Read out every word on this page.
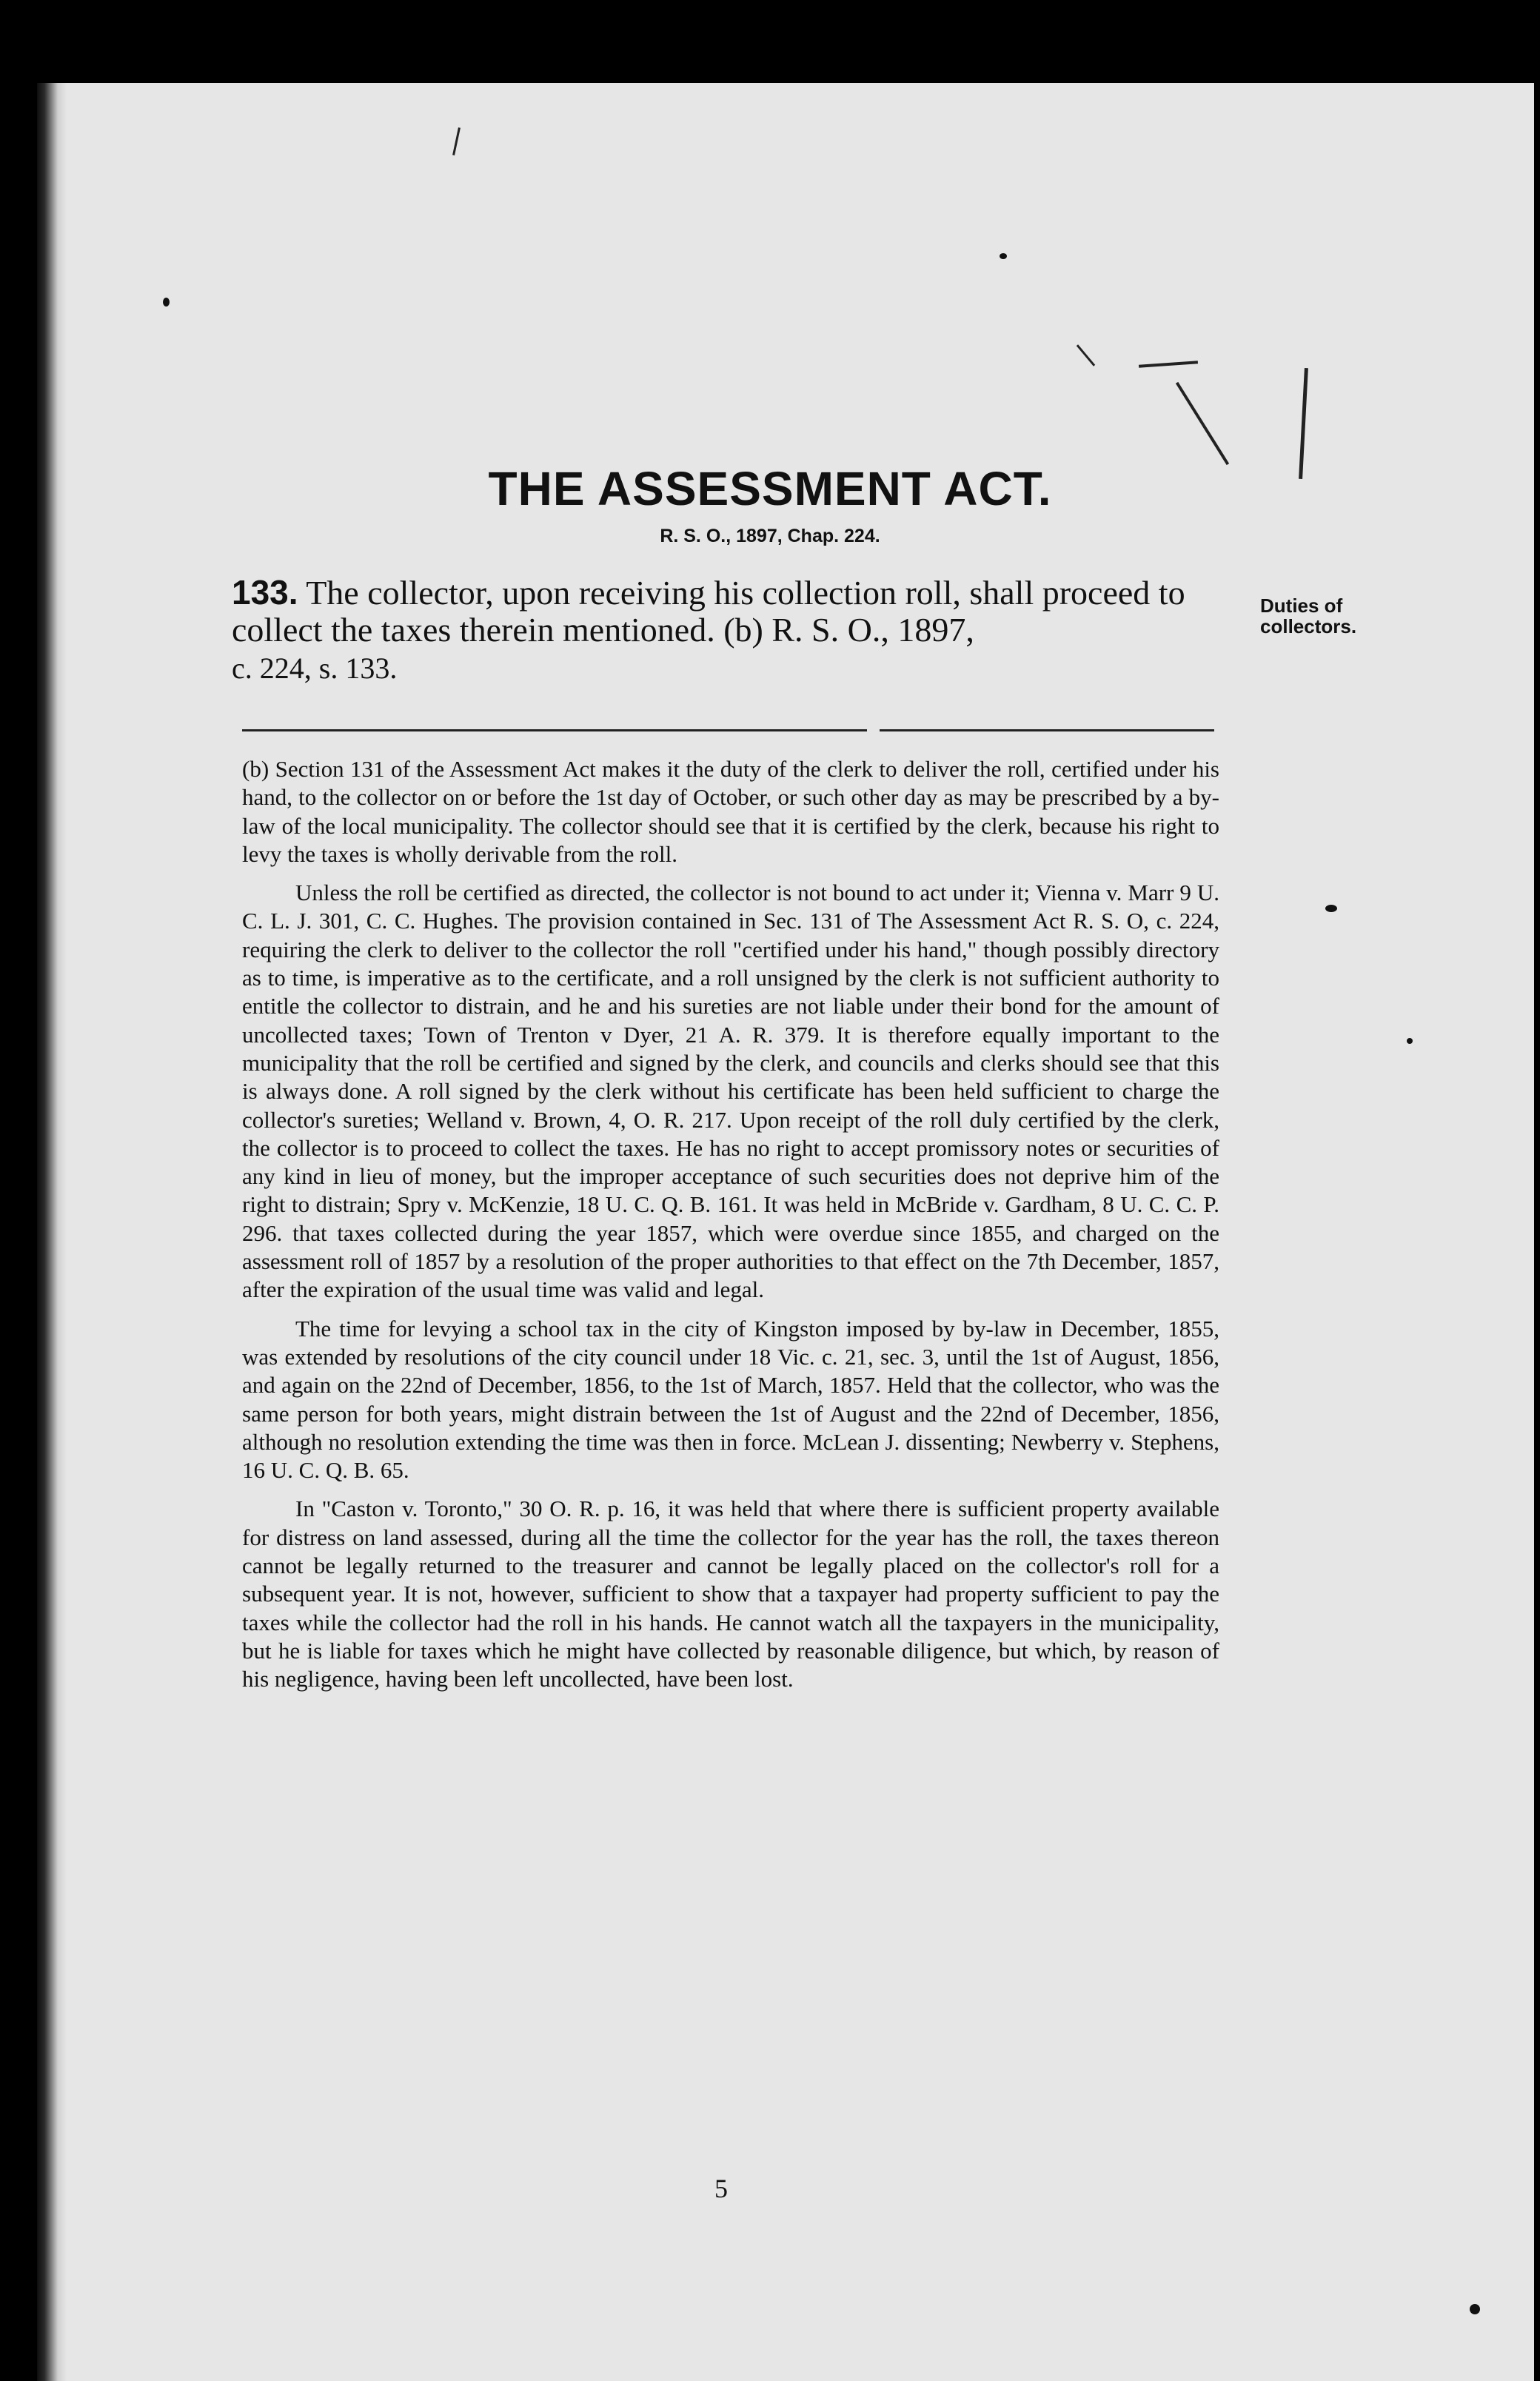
THE ASSESSMENT ACT.
R. S. O., 1897, Chap. 224.
133. The collector, upon receiving his collection roll, shall proceed to collect the taxes therein mentioned. (b) R. S. O., 1897,
c. 224, s. 133.
Duties of collectors.

(b) Section 131 of the Assessment Act makes it the duty of the clerk to deliver the roll, certified under his hand, to the collector on or before the 1st day of October, or such other day as may be prescribed by a by-law of the local municipality. The collector should see that it is certified by the clerk, because his right to levy the taxes is wholly derivable from the roll.

Unless the roll be certified as directed, the collector is not bound to act under it; Vienna v. Marr 9 U. C. L. J. 301, C. C. Hughes. The provision contained in Sec. 131 of The Assessment Act R. S. O, c. 224, requiring the clerk to deliver to the collector the roll "certified under his hand," though possibly directory as to time, is imperative as to the certificate, and a roll unsigned by the clerk is not sufficient authority to entitle the collector to distrain, and he and his sureties are not liable under their bond for the amount of uncollected taxes; Town of Trenton v Dyer, 21 A. R. 379. It is therefore equally important to the municipality that the roll be certified and signed by the clerk, and councils and clerks should see that this is always done. A roll signed by the clerk without his certificate has been held sufficient to charge the collector's sureties; Welland v. Brown, 4, O. R. 217. Upon receipt of the roll duly certified by the clerk, the collector is to proceed to collect the taxes. He has no right to accept promissory notes or securities of any kind in lieu of money, but the improper acceptance of such securities does not deprive him of the right to distrain; Spry v. McKenzie, 18 U. C. Q. B. 161. It was held in McBride v. Gardham, 8 U. C. C. P. 296. that taxes collected during the year 1857, which were overdue since 1855, and charged on the assessment roll of 1857 by a resolution of the proper authorities to that effect on the 7th December, 1857, after the expiration of the usual time was valid and legal.

The time for levying a school tax in the city of Kingston imposed by by-law in December, 1855, was extended by resolutions of the city council under 18 Vic. c. 21, sec. 3, until the 1st of August, 1856, and again on the 22nd of December, 1856, to the 1st of March, 1857. Held that the collector, who was the same person for both years, might distrain between the 1st of August and the 22nd of December, 1856, although no resolution extending the time was then in force. McLean J. dissenting; Newberry v. Stephens, 16 U. C. Q. B. 65.

In "Caston v. Toronto," 30 O. R. p. 16, it was held that where there is sufficient property available for distress on land assessed, during all the time the collector for the year has the roll, the taxes thereon cannot be legally returned to the treasurer and cannot be legally placed on the collector's roll for a subsequent year. It is not, however, sufficient to show that a taxpayer had property sufficient to pay the taxes while the collector had the roll in his hands. He cannot watch all the taxpayers in the municipality, but he is liable for taxes which he might have collected by reasonable diligence, but which, by reason of his negligence, having been left uncollected, have been lost.

5
